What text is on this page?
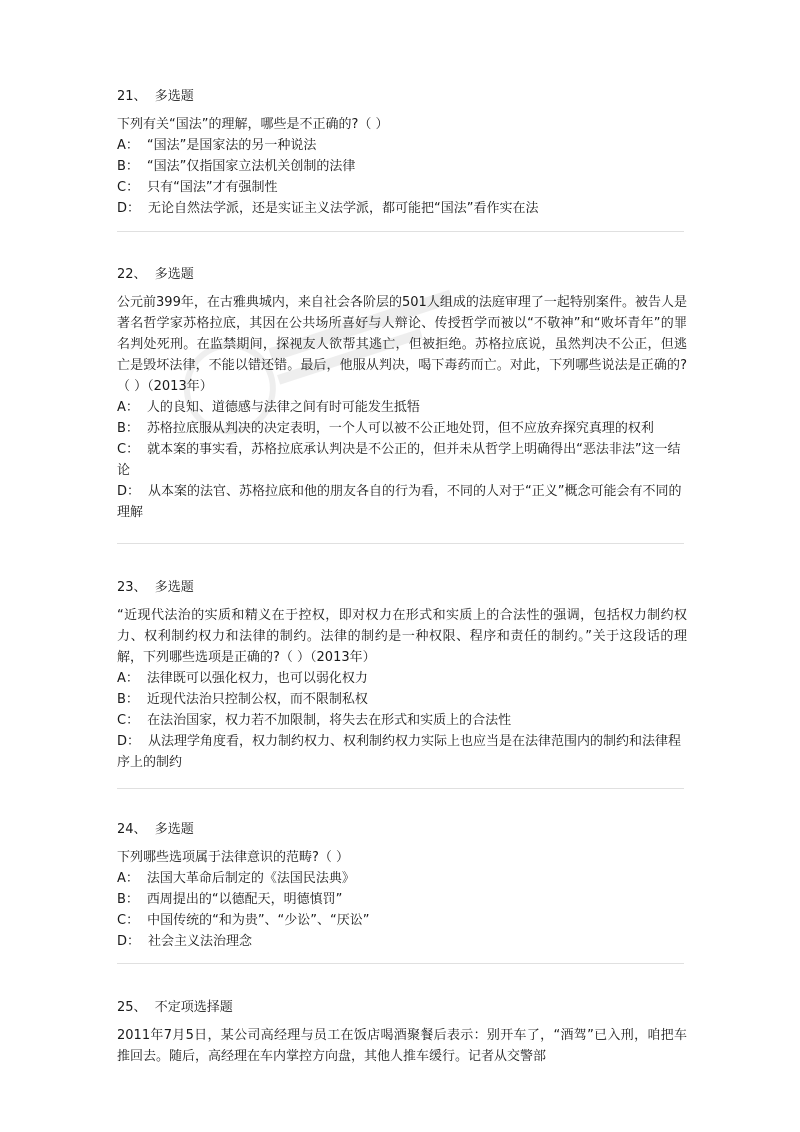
21、 多选题
下列有关“国法”的理解，哪些是不正确的?（ ）
A： “国法”是国家法的另一种说法
B： “国法”仅指国家立法机关创制的法律
C： 只有“国法”才有强制性
D： 无论自然法学派，还是实证主义法学派，都可能把“国法”看作实在法
22、 多选题
公元前399年，在古雅典城内，来自社会各阶层的501人组成的法庭审理了一起特别案件。被告人是著名哲学家苏格拉底，其因在公共场所喜好与人辩论、传授哲学而被以“不敬神”和“败坏青年”的罪名判处死刑。在监禁期间，探视友人欲帮其逃亡，但被拒绝。苏格拉底说，虽然判决不公正，但逃亡是毁坏法律，不能以错还错。最后，他服从判决，喝下毒药而亡。对此，下列哪些说法是正确的?（ ）（2013年）
A： 人的良知、道德感与法律之间有时可能发生抵牾
B： 苏格拉底服从判决的决定表明，一个人可以被不公正地处罚，但不应放弃探究真理的权利
C： 就本案的事实看，苏格拉底承认判决是不公正的，但并未从哲学上明确得出“恶法非法”这一结论
D： 从本案的法官、苏格拉底和他的朋友各自的行为看，不同的人对于“正义”概念可能会有不同的理解
23、 多选题
“近现代法治的实质和精义在于控权，即对权力在形式和实质上的合法性的强调，包括权力制约权力、权利制约权力和法律的制约。法律的制约是一种权限、程序和责任的制约。”关于这段话的理解，下列哪些选项是正确的?（ ）（2013年）
A： 法律既可以强化权力，也可以弱化权力
B： 近现代法治只控制公权，而不限制私权
C： 在法治国家，权力若不加限制，将失去在形式和实质上的合法性
D： 从法理学角度看，权力制约权力、权利制约权力实际上也应当是在法律范围内的制约和法律程序上的制约
24、 多选题
下列哪些选项属于法律意识的范畴?（ ）
A： 法国大革命后制定的《法国民法典》
B： 西周提出的“以德配天，明德慎罚”
C： 中国传统的“和为贵”、“少讼”、“厌讼”
D： 社会主义法治理念
25、 不定项选择题
2011年7月5日，某公司高经理与员工在饭店喝酒聚餐后表示：别开车了，“酒驾”已入刑，咱把车推回去。随后，高经理在车内掌控方向盘，其他人推车缓行。记者从交警部
